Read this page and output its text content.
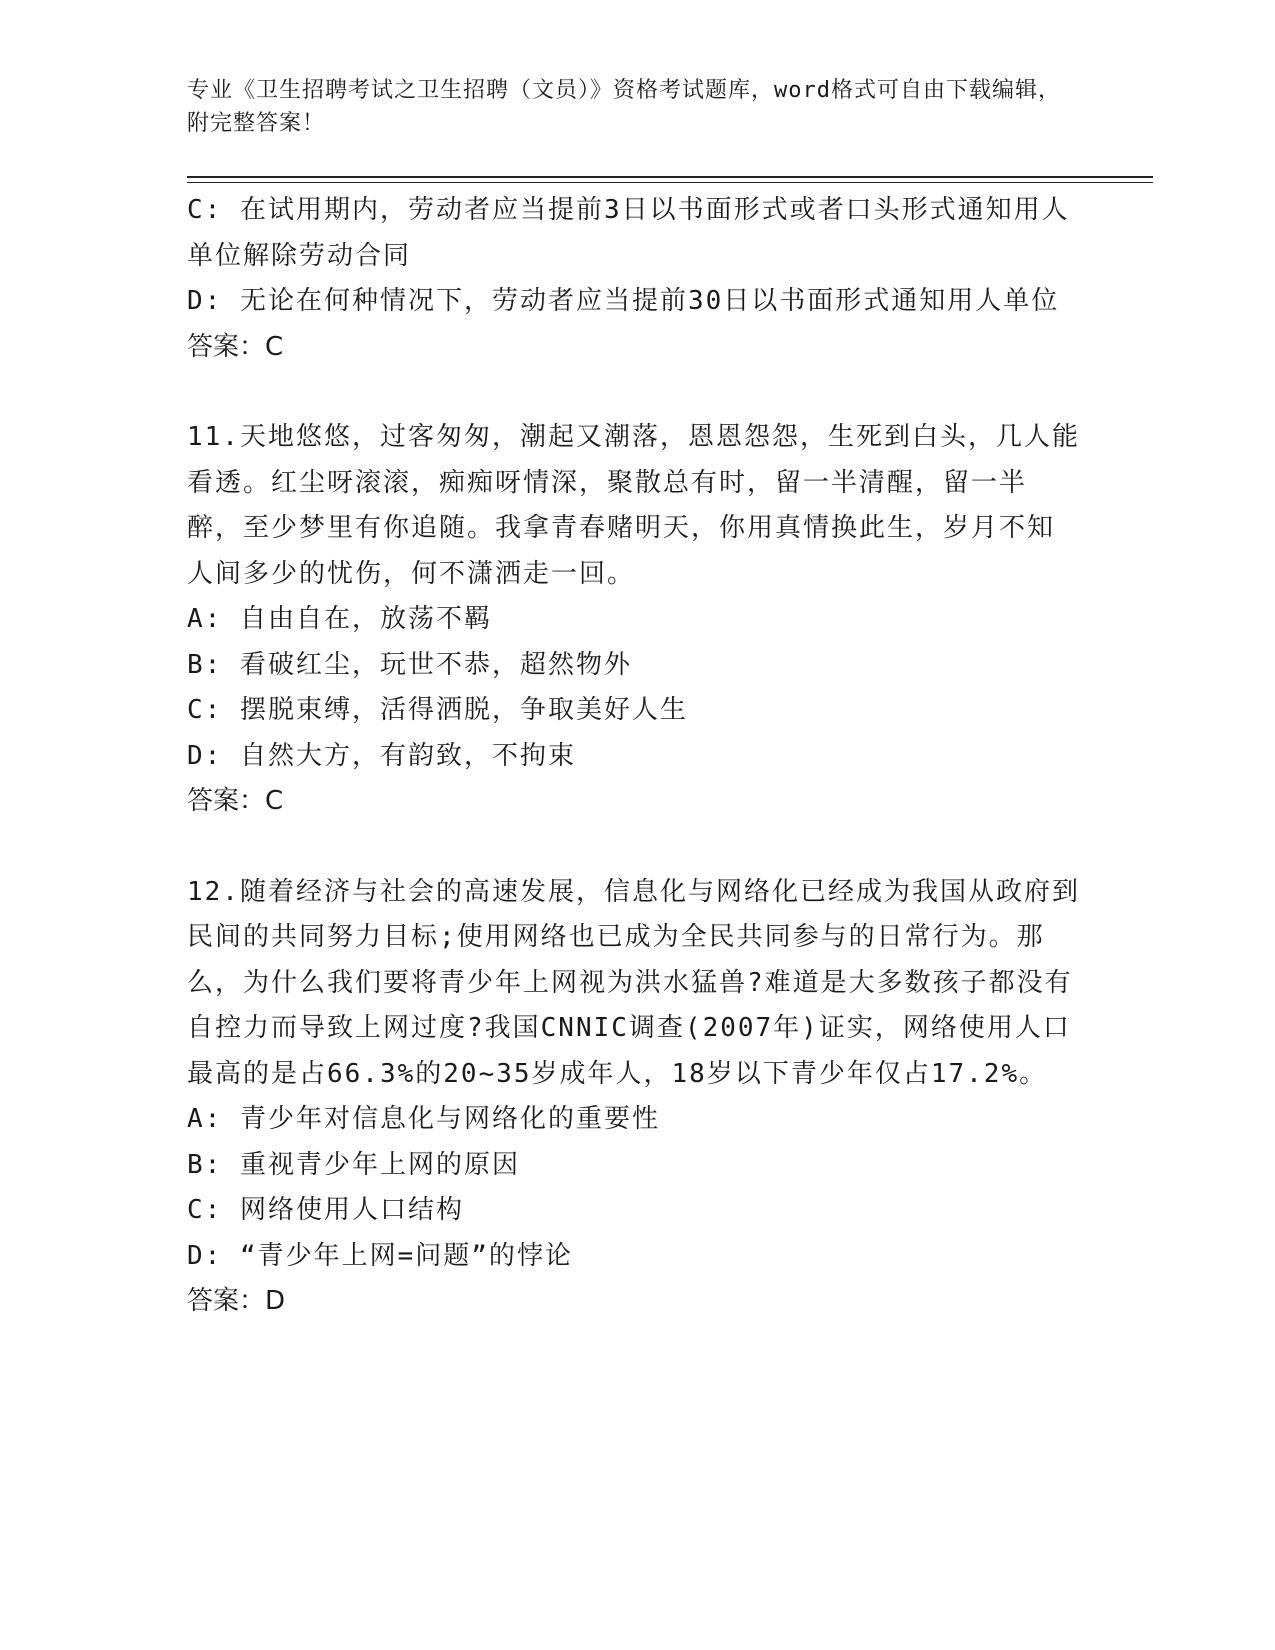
专业《卫生招聘考试之卫生招聘（文员）》资格考试题库，word格式可自由下载编辑，附完整答案！

C: 在试用期内，劳动者应当提前3日以书面形式或者口头形式通知用人单位解除劳动合同

D: 无论在何种情况下，劳动者应当提前30日以书面形式通知用人单位

答案：C

11.天地悠悠，过客匆匆，潮起又潮落，恩恩怨怨，生死到白头，几人能看透。红尘呀滚滚，痴痴呀情深，聚散总有时，留一半清醒，留一半醉，至少梦里有你追随。我拿青春赌明天，你用真情换此生，岁月不知人间多少的忧伤，何不潇洒走一回。

A: 自由自在，放荡不羁

B: 看破红尘，玩世不恭，超然物外

C: 摆脱束缚，活得洒脱，争取美好人生

D: 自然大方，有韵致，不拘束

答案：C

12.随着经济与社会的高速发展，信息化与网络化已经成为我国从政府到民间的共同努力目标;使用网络也已成为全民共同参与的日常行为。那么，为什么我们要将青少年上网视为洪水猛兽?难道是大多数孩子都没有自控力而导致上网过度?我国CNNIC调查(2007年)证实，网络使用人口最高的是占66.3%的20~35岁成年人，18岁以下青少年仅占17.2%。

A: 青少年对信息化与网络化的重要性

B: 重视青少年上网的原因

C: 网络使用人口结构

D: “青少年上网=问题”的悖论

答案：D
